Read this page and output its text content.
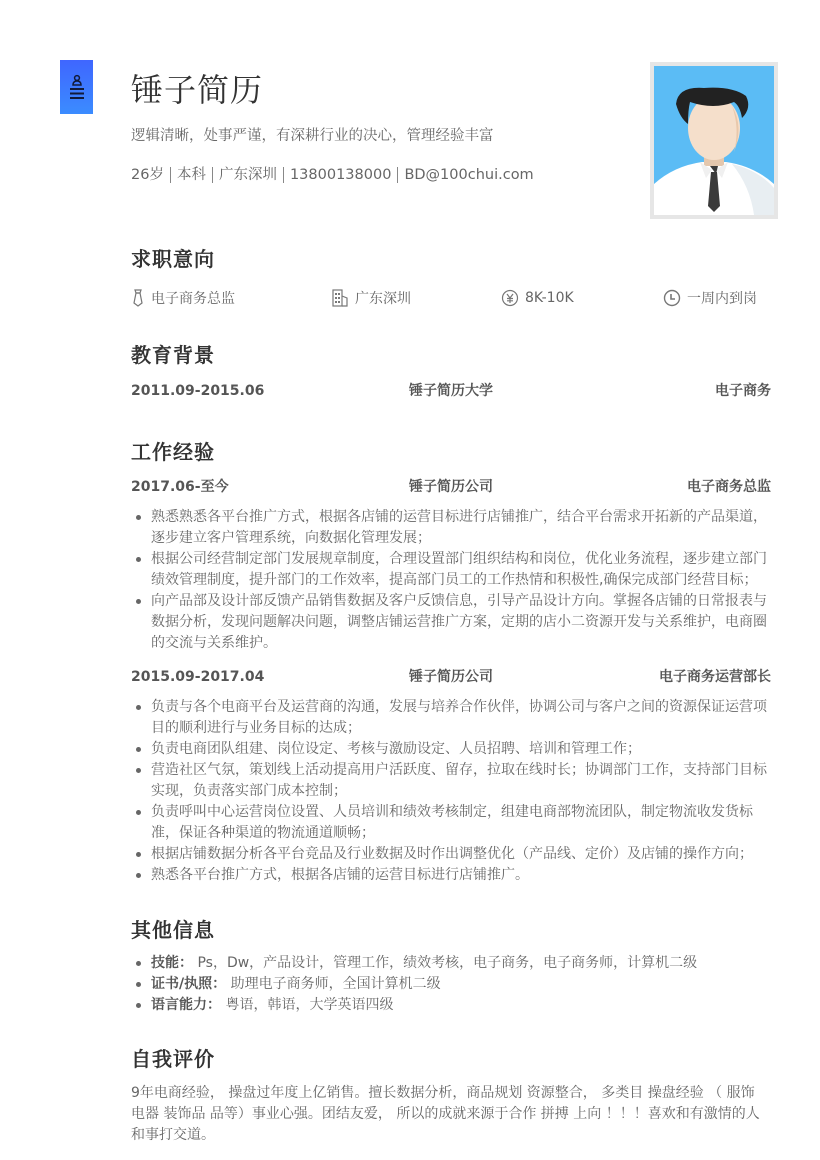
锤子简历
逻辑清晰，处事严谨，有深耕行业的决心，管理经验丰富
26岁 本科 广东深圳 13800138000 BD@100chui.com
求职意向
电子商务总监	广东深圳	8K-10K	一周内到岗
教育背景
2011.09-2015.06	锤子简历大学	电子商务
工作经验
2017.06-至今	锤子简历公司	电子商务总监
熟悉熟悉各平台推广方式，根据各店铺的运营目标进行店铺推广，结合平台需求开拓新的产品渠道，逐步建立客户管理系统，向数据化管理发展；
根据公司经营制定部门发展规章制度，合理设置部门组织结构和岗位，优化业务流程，逐步建立部门绩效管理制度，提升部门的工作效率，提高部门员工的工作热情和积极性,确保完成部门经营目标；
向产品部及设计部反馈产品销售数据及客户反馈信息，引导产品设计方向。掌握各店铺的日常报表与数据分析，发现问题解决问题，调整店铺运营推广方案，定期的店小二资源开发与关系维护，电商圈的交流与关系维护。
2015.09-2017.04	锤子简历公司	电子商务运营部长
负责与各个电商平台及运营商的沟通，发展与培养合作伙伴，协调公司与客户之间的资源保证运营项目的顺利进行与业务目标的达成；
负责电商团队组建、岗位设定、考核与激励设定、人员招聘、培训和管理工作；
营造社区气氛，策划线上活动提高用户活跃度、留存，拉取在线时长；协调部门工作，支持部门目标实现，负责落实部门成本控制；
负责呼叫中心运营岗位设置、人员培训和绩效考核制定，组建电商部物流团队，制定物流收发货标准，保证各种渠道的物流通道顺畅；
根据店铺数据分析各平台竞品及行业数据及时作出调整优化（产品线、定价）及店铺的操作方向；
熟悉各平台推广方式，根据各店铺的运营目标进行店铺推广。
其他信息
技能： Ps，Dw，产品设计，管理工作，绩效考核，电子商务，电子商务师，计算机二级
证书/执照： 助理电子商务师，全国计算机二级
语言能力： 粤语，韩语，大学英语四级
自我评价
9年电商经验， 操盘过年度上亿销售。擅长数据分析，商品规划 资源整合， 多类目 操盘经验 （ 服饰 电器 装饰品 品等）事业心强。团结友爱， 所以的成就来源于合作 拼搏 上向 ！！！喜欢和有激情的人和事打交道。
